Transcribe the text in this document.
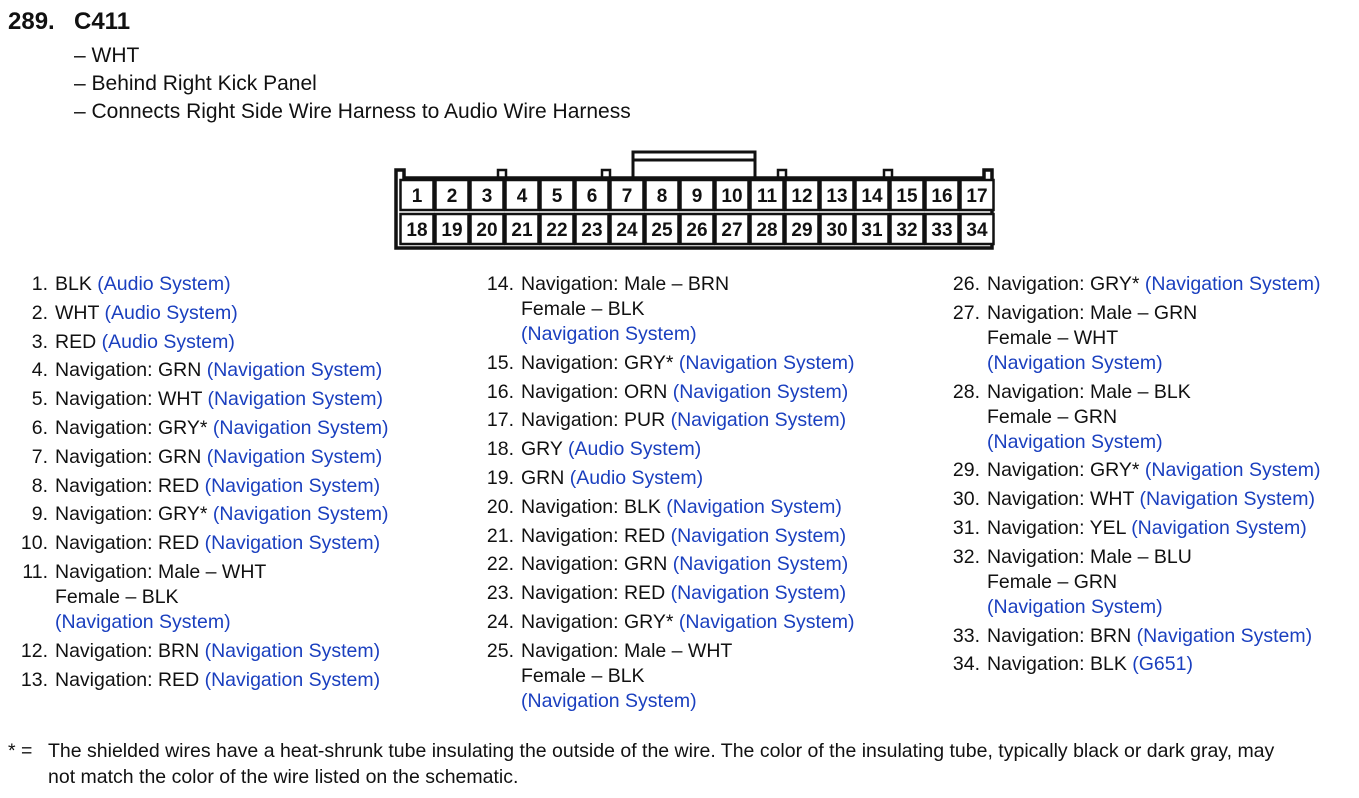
289. C411
– WHT
– Behind Right Kick Panel
– Connects Right Side Wire Harness to Audio Wire Harness
1 2 3 4 5 6 7 8 9 10 11 12 13 14 15 16 17
18 19 20 21 22 23 24 25 26 27 28 29 30 31 32 33 34
1. BLK (Audio System)
2. WHT (Audio System)
3. RED (Audio System)
4. Navigation: GRN (Navigation System)
5. Navigation: WHT (Navigation System)
6. Navigation: GRY* (Navigation System)
7. Navigation: GRN (Navigation System)
8. Navigation: RED (Navigation System)
9. Navigation: GRY* (Navigation System)
10. Navigation: RED (Navigation System)
11. Navigation: Male – WHT
Female – BLK
(Navigation System)
12. Navigation: BRN (Navigation System)
13. Navigation: RED (Navigation System)
14. Navigation: Male – BRN
Female – BLK
(Navigation System)
15. Navigation: GRY* (Navigation System)
16. Navigation: ORN (Navigation System)
17. Navigation: PUR (Navigation System)
18. GRY (Audio System)
19. GRN (Audio System)
20. Navigation: BLK (Navigation System)
21. Navigation: RED (Navigation System)
22. Navigation: GRN (Navigation System)
23. Navigation: RED (Navigation System)
24. Navigation: GRY* (Navigation System)
25. Navigation: Male – WHT
Female – BLK
(Navigation System)
26. Navigation: GRY* (Navigation System)
27. Navigation: Male – GRN
Female – WHT
(Navigation System)
28. Navigation: Male – BLK
Female – GRN
(Navigation System)
29. Navigation: GRY* (Navigation System)
30. Navigation: WHT (Navigation System)
31. Navigation: YEL (Navigation System)
32. Navigation: Male – BLU
Female – GRN
(Navigation System)
33. Navigation: BRN (Navigation System)
34. Navigation: BLK (G651)
* = The shielded wires have a heat-shrunk tube insulating the outside of the wire. The color of the insulating tube, typically black or dark gray, may
not match the color of the wire listed on the schematic.
